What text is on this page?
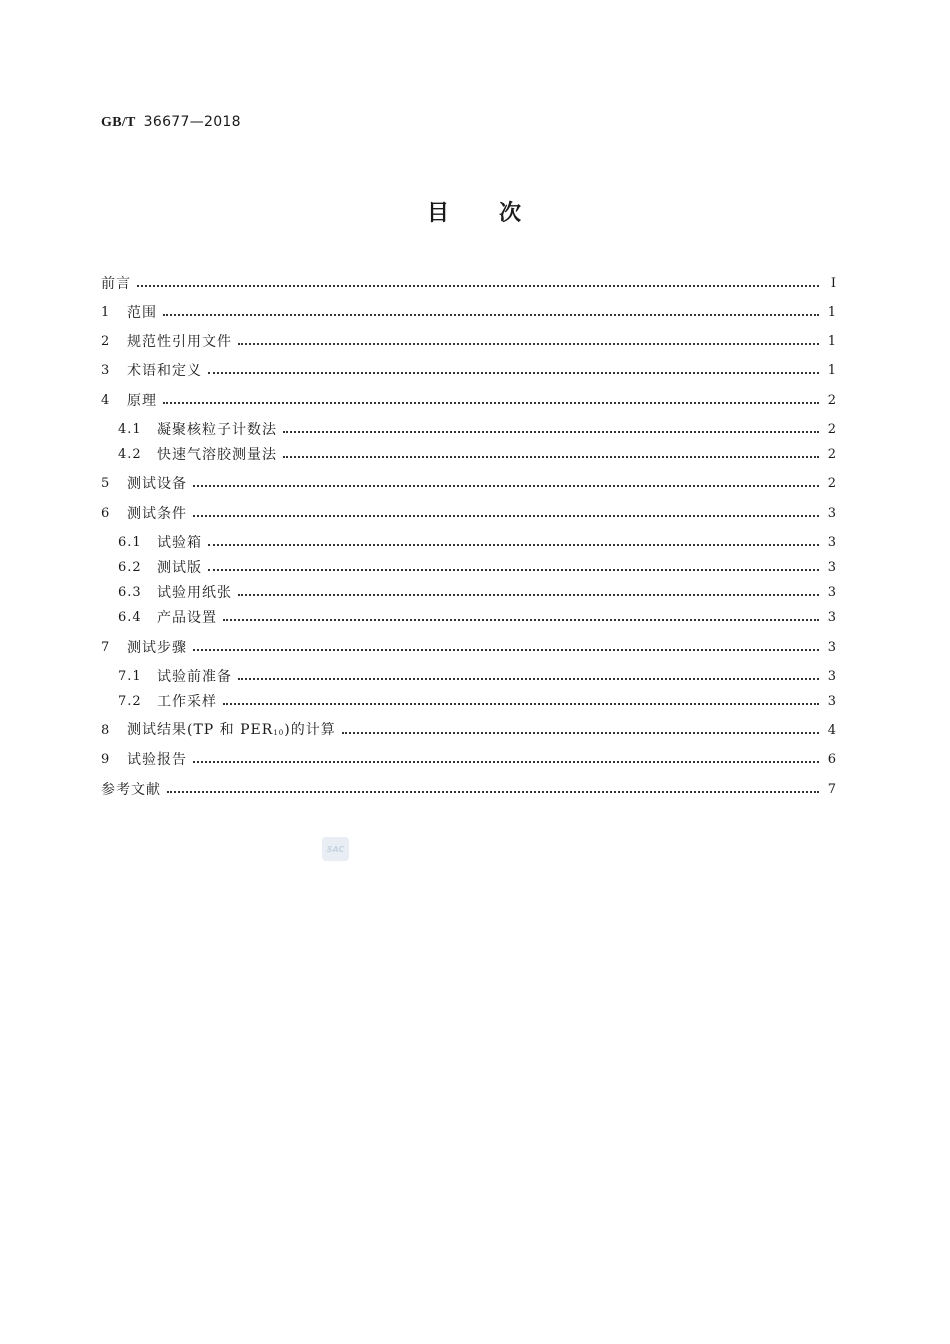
GB/T 36677—2018
目 次
前言	Ⅰ
1	范围	1
2	规范性引用文件	1
3	术语和定义	1
4	原理	2
4.1	凝聚核粒子计数法	2
4.2	快速气溶胶测量法	2
5	测试设备	2
6	测试条件	3
6.1	试验箱	3
6.2	测试版	3
6.3	试验用纸张	3
6.4	产品设置	3
7	测试步骤	3
7.1	试验前准备	3
7.2	工作采样	3
8	测试结果(TP 和 $PER_{10}$)的计算	4
9	试验报告	6
参考文献	7
SAC
